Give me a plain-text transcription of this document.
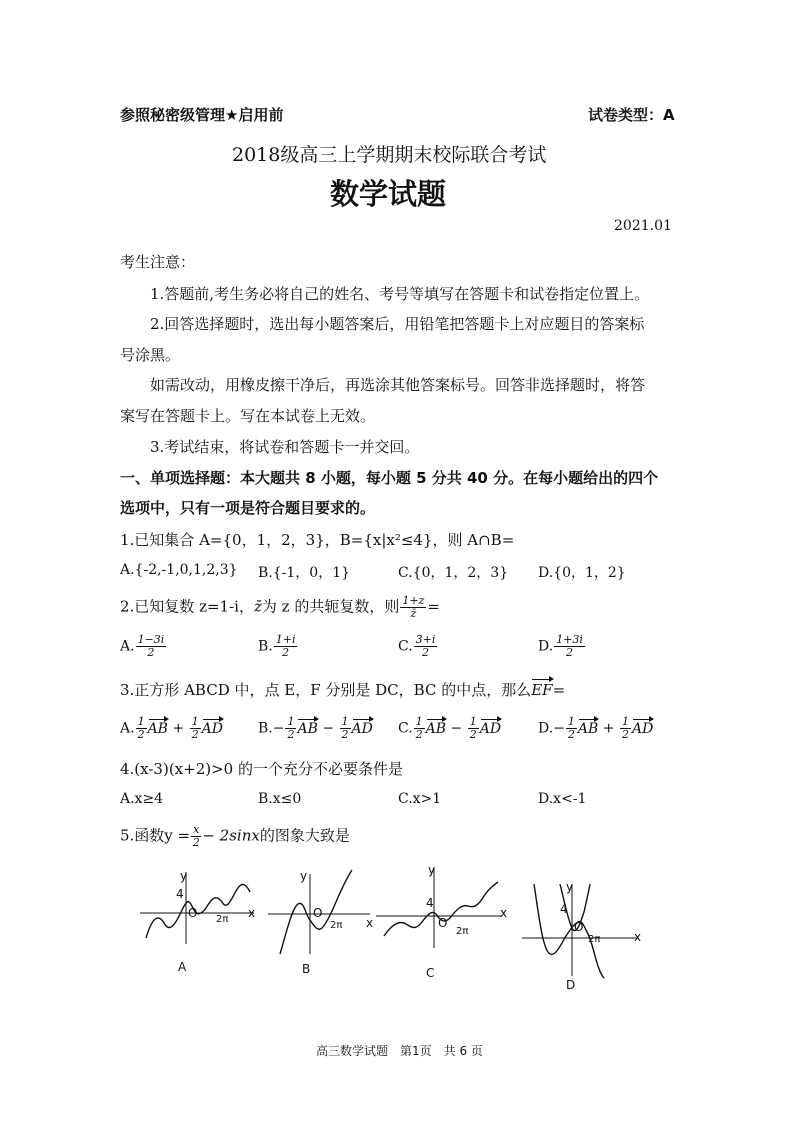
参照秘密级管理★启用前	试卷类型：A
2018级高三上学期期末校际联合考试
数学试题
2021.01
考生注意：
1.答题前,考生务必将自己的姓名、考号等填写在答题卡和试卷指定位置上。
2.回答选择题时，选出每小题答案后，用铅笔把答题卡上对应题目的答案标
号涂黑。
如需改动，用橡皮擦干净后，再选涂其他答案标号。回答非选择题时，将答
案写在答题卡上。写在本试卷上无效。
3.考试结束，将试卷和答题卡一并交回。
一、单项选择题：本大题共 8 小题，每小题 5 分共 40 分。在每小题给出的四个
选项中，只有一项是符合题目要求的。
1.已知集合 A={0，1，2，3}，B={x|x²≤4}，则 A∩B=
A.{-2,-1,0,1,2,3} B.{-1，0，1}	C.{0，1，2，3} D.{0，1，2}
2.已知复数 z=1-i，z̄为 z 的共轭复数，则 $\frac{1+z}{z̄}$ =
A. $\frac{1-3i}{2}$	B. $\frac{1+i}{2}$	C. $\frac{3+i}{2}$	D. $\frac{1+3i}{2}$
3.正方形 ABCD 中，点 E，F 分别是 DC，BC 的中点，那么EF=
A. $\frac{1}{2}$ AB + $\frac{1}{2}$ AD	$B.- \frac{1}{2}$ AB − $\frac{1}{2}$ AD C. $\frac{1}{2}$ AB − $\frac{1}{2}$ AD	$D.- \frac{1}{2}$ AB + $\frac{1}{2}$ AD
4.(x-3)(x+2)>0 的一个充分不必要条件是
A.x≥4	B.x≤0	C.x>1	D.x<-1
5.函数$y = \frac{x}{2} - 2\sin x$的图象大致是
y
4
O 2π x
A
y
O
2π x
B
y
4
O
2π
x
C
y
4
O
2π	x
D
高三数学试题　第1页　共 6 页
